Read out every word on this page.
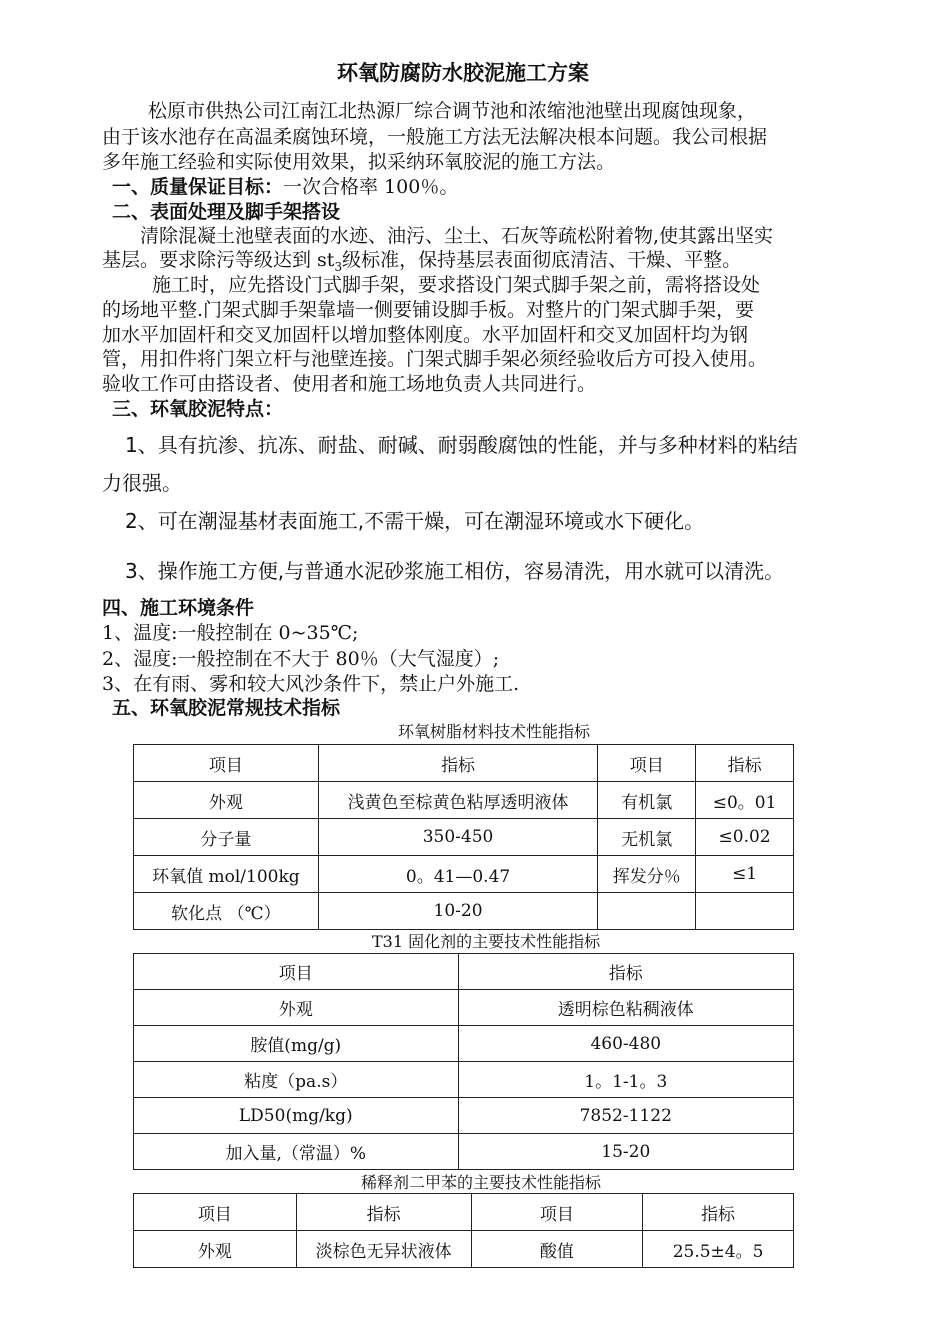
环氧防腐防水胶泥施工方案
松原市供热公司江南江北热源厂综合调节池和浓缩池池壁出现腐蚀现象，
由于该水池存在高温柔腐蚀环境，一般施工方法无法解决根本问题。我公司根据
多年施工经验和实际使用效果，拟采纳环氧胶泥的施工方法。
一、质量保证目标：一次合格率 100％。
二、表面处理及脚手架搭设
清除混凝土池壁表面的水迹、油污、尘土、石灰等疏松附着物,使其露出坚实
基层。要求除污等级达到 $st_3$级标准，保持基层表面彻底清洁、干燥、平整。
施工时，应先搭设门式脚手架，要求搭设门架式脚手架之前，需将搭设处
的场地平整.门架式脚手架靠墙一侧要铺设脚手板。对整片的门架式脚手架，要
加水平加固杆和交叉加固杆以增加整体刚度。水平加固杆和交叉加固杆均为钢
管，用扣件将门架立杆与池壁连接。门架式脚手架必须经验收后方可投入使用。
验收工作可由搭设者、使用者和施工场地负责人共同进行。
三、环氧胶泥特点：
1、具有抗渗、抗冻、耐盐、耐碱、耐弱酸腐蚀的性能，并与多种材料的粘结
力很强。
2、可在潮湿基材表面施工,不需干燥，可在潮湿环境或水下硬化。
3、操作施工方便,与普通水泥砂浆施工相仿，容易清洗，用水就可以清洗。
四、施工环境条件
1、温度:一般控制在 0~35℃;
2、湿度:一般控制在不大于 80％（大气湿度）;
3、在有雨、雾和较大风沙条件下，禁止户外施工.
五、环氧胶泥常规技术指标
环氧树脂材料技术性能指标
项目	指标	项目	指标
外观	浅黄色至棕黄色粘厚透明液体	有机氯	≤0。01
分子量	350-450	无机氯	≤0.02
环氧值 mol/100kg	0。41—0.47	挥发分％	≤1
软化点 （℃）	10-20		
T31 固化剂的主要技术性能指标
项目	指标
外观	透明棕色粘稠液体
胺值(mg/g)	460-480
粘度（pa.s）	1。1-1。3
LD50(mg/kg)	7852-1122
加入量,（常温）%	15-20
稀释剂二甲苯的主要技术性能指标
项目	指标	项目	指标
外观	淡棕色无异状液体	酸值	25.5±4。5
